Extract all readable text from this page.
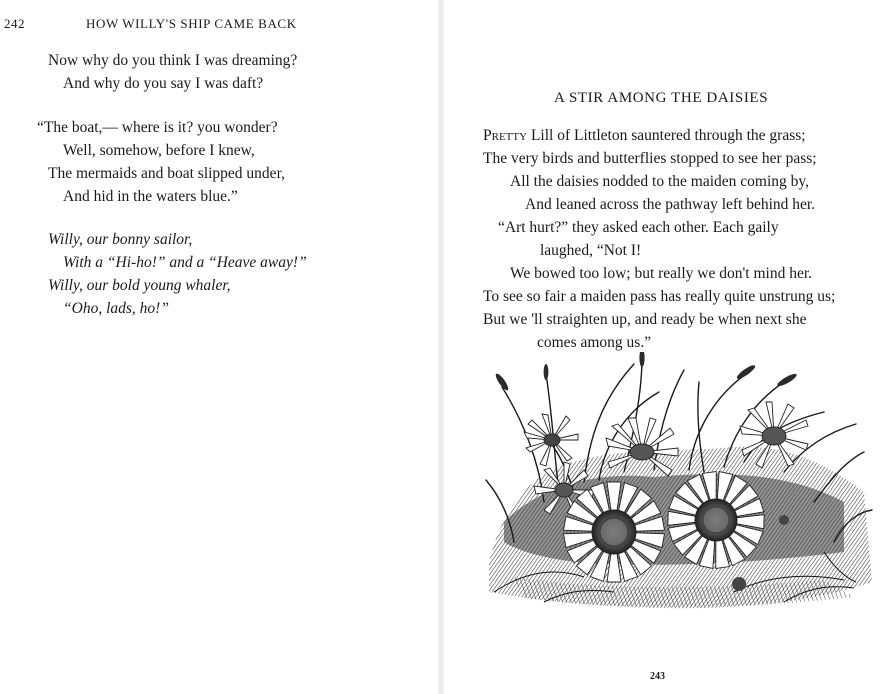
242	HOW WILLY'S SHIP CAME BACK
Now why do you think I was dreaming?
And why do you say I was daft?
“The boat,— where is it? you wonder?
Well, somehow, before I knew,
The mermaids and boat slipped under,
And hid in the waters blue.”
Willy, our bonny sailor,
With a “Hi-ho!” and a “Heave away!”
Willy, our bold young whaler,
“Oho, lads, ho!”
A STIR AMONG THE DAISIES
Pretty Lill of Littleton sauntered through the grass;
The very birds and butterflies stopped to see her pass;
All the daisies nodded to the maiden coming by,
And leaned across the pathway left behind her.
“Art hurt?” they asked each other. Each gaily
laughed, “Not I!
We bowed too low; but really we don't mind her.
To see so fair a maiden pass has really quite unstrung us;
But we 'll straighten up, and ready be when next she
comes among us.”
243
